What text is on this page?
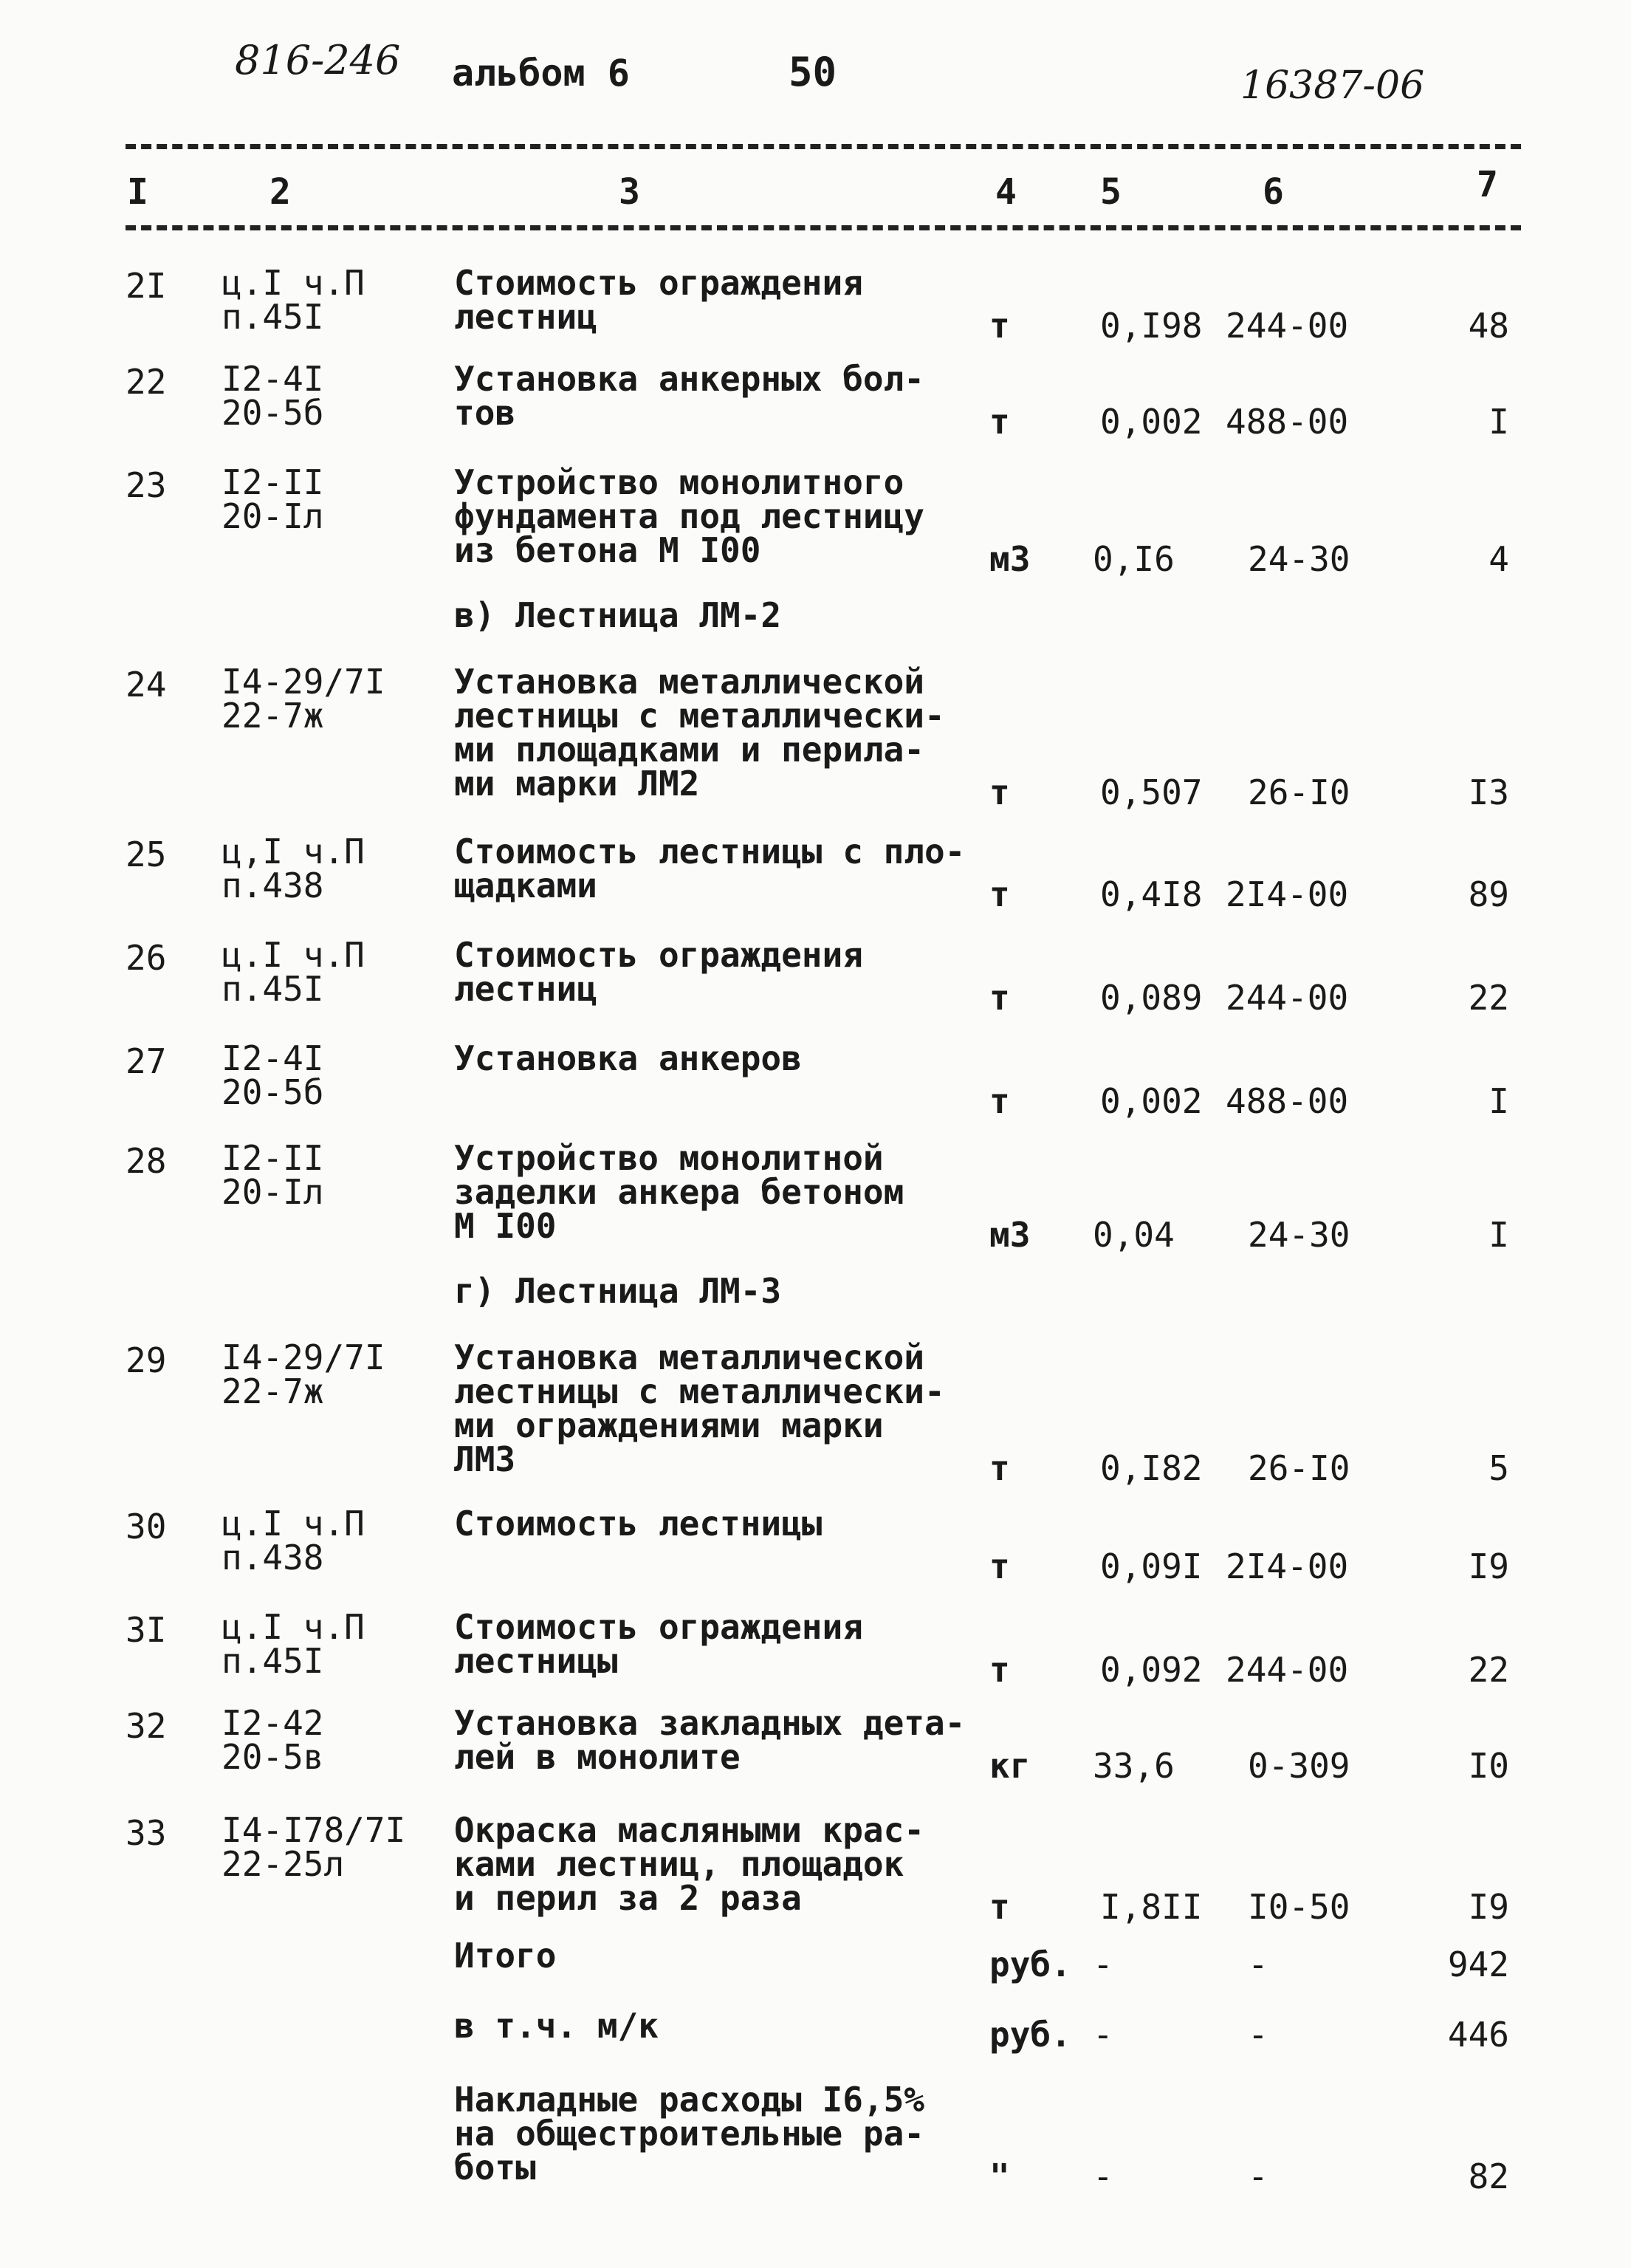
816-246 альбом 6	50	16387-06
I	2	3	4 5	6	7
2I	ц.I ч.П
п.45I
Стоимость ограждения
лестниц	т	0,I98 244-00	48
22	I2-4I
20-5б
Установка анкерных бол-
тов	т	0,002 488-00	I
23	I2-II
20-Iл
Устройство монолитного
фундамента под лестницу
из бетона М I00	м3 0,I6 24-30	4
в) Лестница ЛМ-2
24	I4-29/7I
22-7ж
Установка металлической
лестницы с металлически-
ми площадками и перила-
ми марки ЛМ2	т	0,507 26-I0	I3
25	ц,I ч.П
п.438
Стоимость лестницы с пло-
щадками	т	0,4I8 2I4-00	89
26	ц.I ч.П
п.45I
Стоимость ограждения
лестниц	т	0,089 244-00	22
27	I2-4I
20-5б
Установка анкеров
т	0,002 488-00	I
28	I2-II
20-Iл
Устройство монолитной
заделки анкера бетоном
М I00	м3 0,04 24-30	I
г) Лестница ЛМ-3
29	I4-29/7I
22-7ж
Установка металлической
лестницы с металлически-
ми ограждениями марки
ЛМ3	т	0,I82 26-I0	5
30	ц.I ч.П
п.438
Стоимость лестницы
т	0,09I 2I4-00	I9
3I	ц.I ч.П
п.45I
Стоимость ограждения
лестницы	т	0,092 244-00	22
32	I2-42
20-5в
Установка закладных дета-
лей в монолите	кг 33,6 0-309	I0
33	I4-I78/7I
22-25л
Окраска масляными крас-
ками лестниц, площадок
и перил за 2 раза	т	I,8II I0-50	I9
Итого	руб. -	-	942
в т.ч. м/к	руб. -	-	446
Накладные расходы I6,5%
на общестроительные ра-
боты	" -	-	82
